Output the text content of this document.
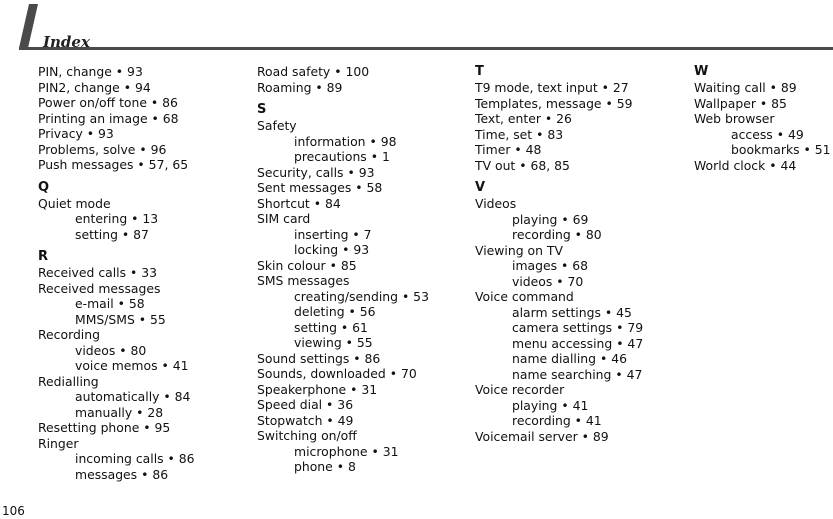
Index
PIN, change • 93
PIN2, change • 94
Power on/off tone • 86
Printing an image • 68
Privacy • 93
Problems, solve • 96
Push messages • 57, 65
Q
Quiet mode
entering • 13
setting • 87
R
Received calls • 33
Received messages
e-mail • 58
MMS/SMS • 55
Recording
videos • 80
voice memos • 41
Redialling
automatically • 84
manually • 28
Resetting phone • 95
Ringer
incoming calls • 86
messages • 86
Road safety • 100
Roaming • 89
S
Safety
information • 98
precautions • 1
Security, calls • 93
Sent messages • 58
Shortcut • 84
SIM card
inserting • 7
locking • 93
Skin colour • 85
SMS messages
creating/sending • 53
deleting • 56
setting • 61
viewing • 55
Sound settings • 86
Sounds, downloaded • 70
Speakerphone • 31
Speed dial • 36
Stopwatch • 49
Switching on/off
microphone • 31
phone • 8
T
T9 mode, text input • 27
Templates, message • 59
Text, enter • 26
Time, set • 83
Timer • 48
TV out • 68, 85
V
Videos
playing • 69
recording • 80
Viewing on TV
images • 68
videos • 70
Voice command
alarm settings • 45
camera settings • 79
menu accessing • 47
name dialling • 46
name searching • 47
Voice recorder
playing • 41
recording • 41
Voicemail server • 89
W
Waiting call • 89
Wallpaper • 85
Web browser
access • 49
bookmarks • 51
World clock • 44
106
